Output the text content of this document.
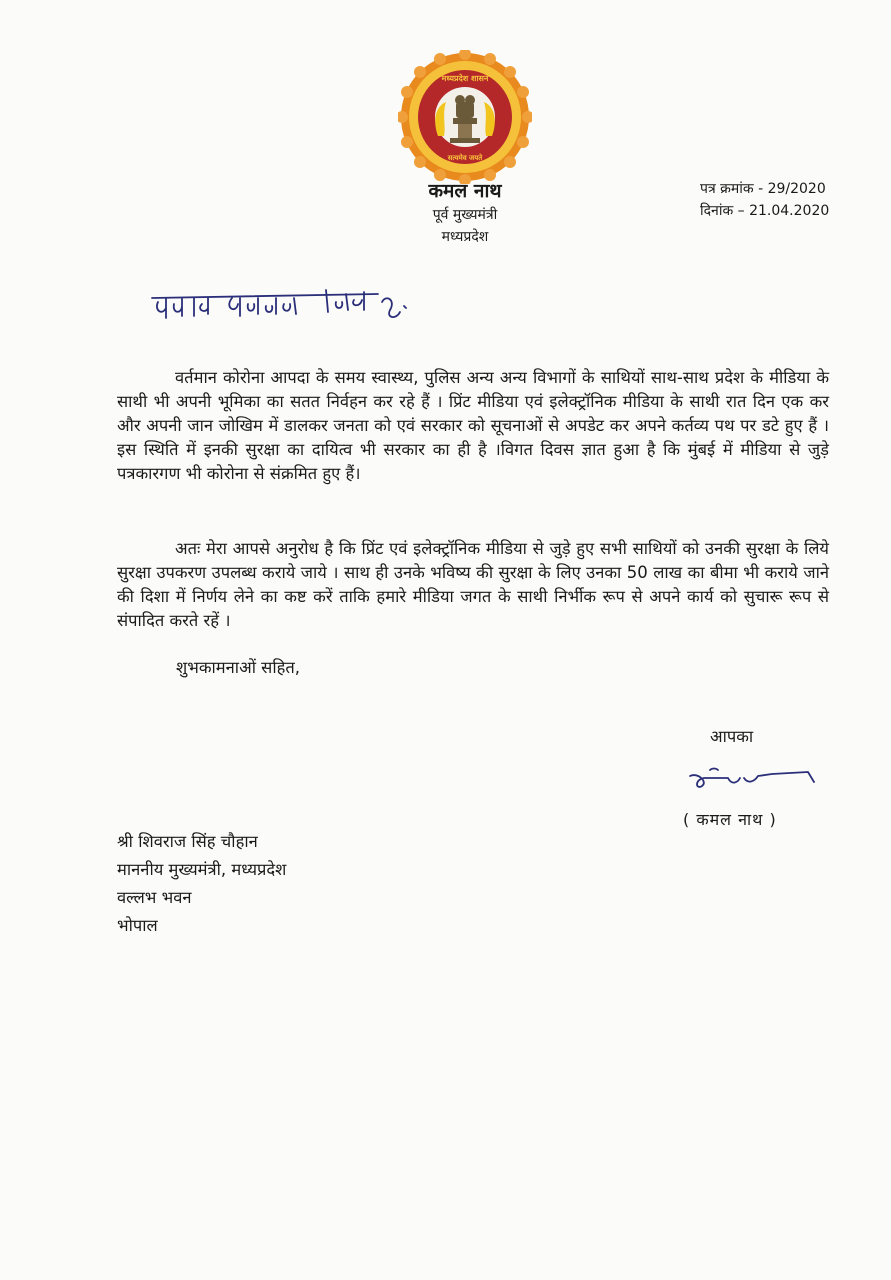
मध्यप्रदेश शासन
सत्यमेव जयते
कमल नाथ
पूर्व मुख्यमंत्री
मध्यप्रदेश
पत्र क्रमांक - 29/2020
दिनांक – 21.04.2020
वर्तमान कोरोना आपदा के समय स्वास्थ्य, पुलिस अन्य अन्य विभागों के साथियों साथ-साथ प्रदेश के मीडिया के साथी भी अपनी भूमिका का सतत निर्वहन कर रहे हैं । प्रिंट मीडिया एवं इलेक्ट्रॉनिक मीडिया के साथी रात दिन एक कर और अपनी जान जोखिम में डालकर जनता को एवं सरकार को सूचनाओं से अपडेट कर अपने कर्तव्य पथ पर डटे हुए हैं । इस स्थिति में इनकी सुरक्षा का दायित्व भी सरकार का ही है ।विगत दिवस ज्ञात हुआ है कि मुंबई में मीडिया से जुड़े पत्रकारगण भी कोरोना से संक्रमित हुए हैं।
अतः मेरा आपसे अनुरोध है कि प्रिंट एवं इलेक्ट्रॉनिक मीडिया से जुड़े हुए सभी साथियों को उनकी सुरक्षा के लिये सुरक्षा उपकरण उपलब्ध कराये जाये । साथ ही उनके भविष्य की सुरक्षा के लिए उनका 50 लाख का बीमा भी कराये जाने की दिशा में निर्णय लेने का कष्ट करें ताकि हमारे मीडिया जगत के साथी निर्भीक रूप से अपने कार्य को सुचारू रूप से संपादित करते रहें ।
शुभकामनाओं सहित,
आपका
( कमल नाथ )
श्री शिवराज सिंह चौहान
माननीय मुख्यमंत्री, मध्यप्रदेश
वल्लभ भवन
भोपाल
